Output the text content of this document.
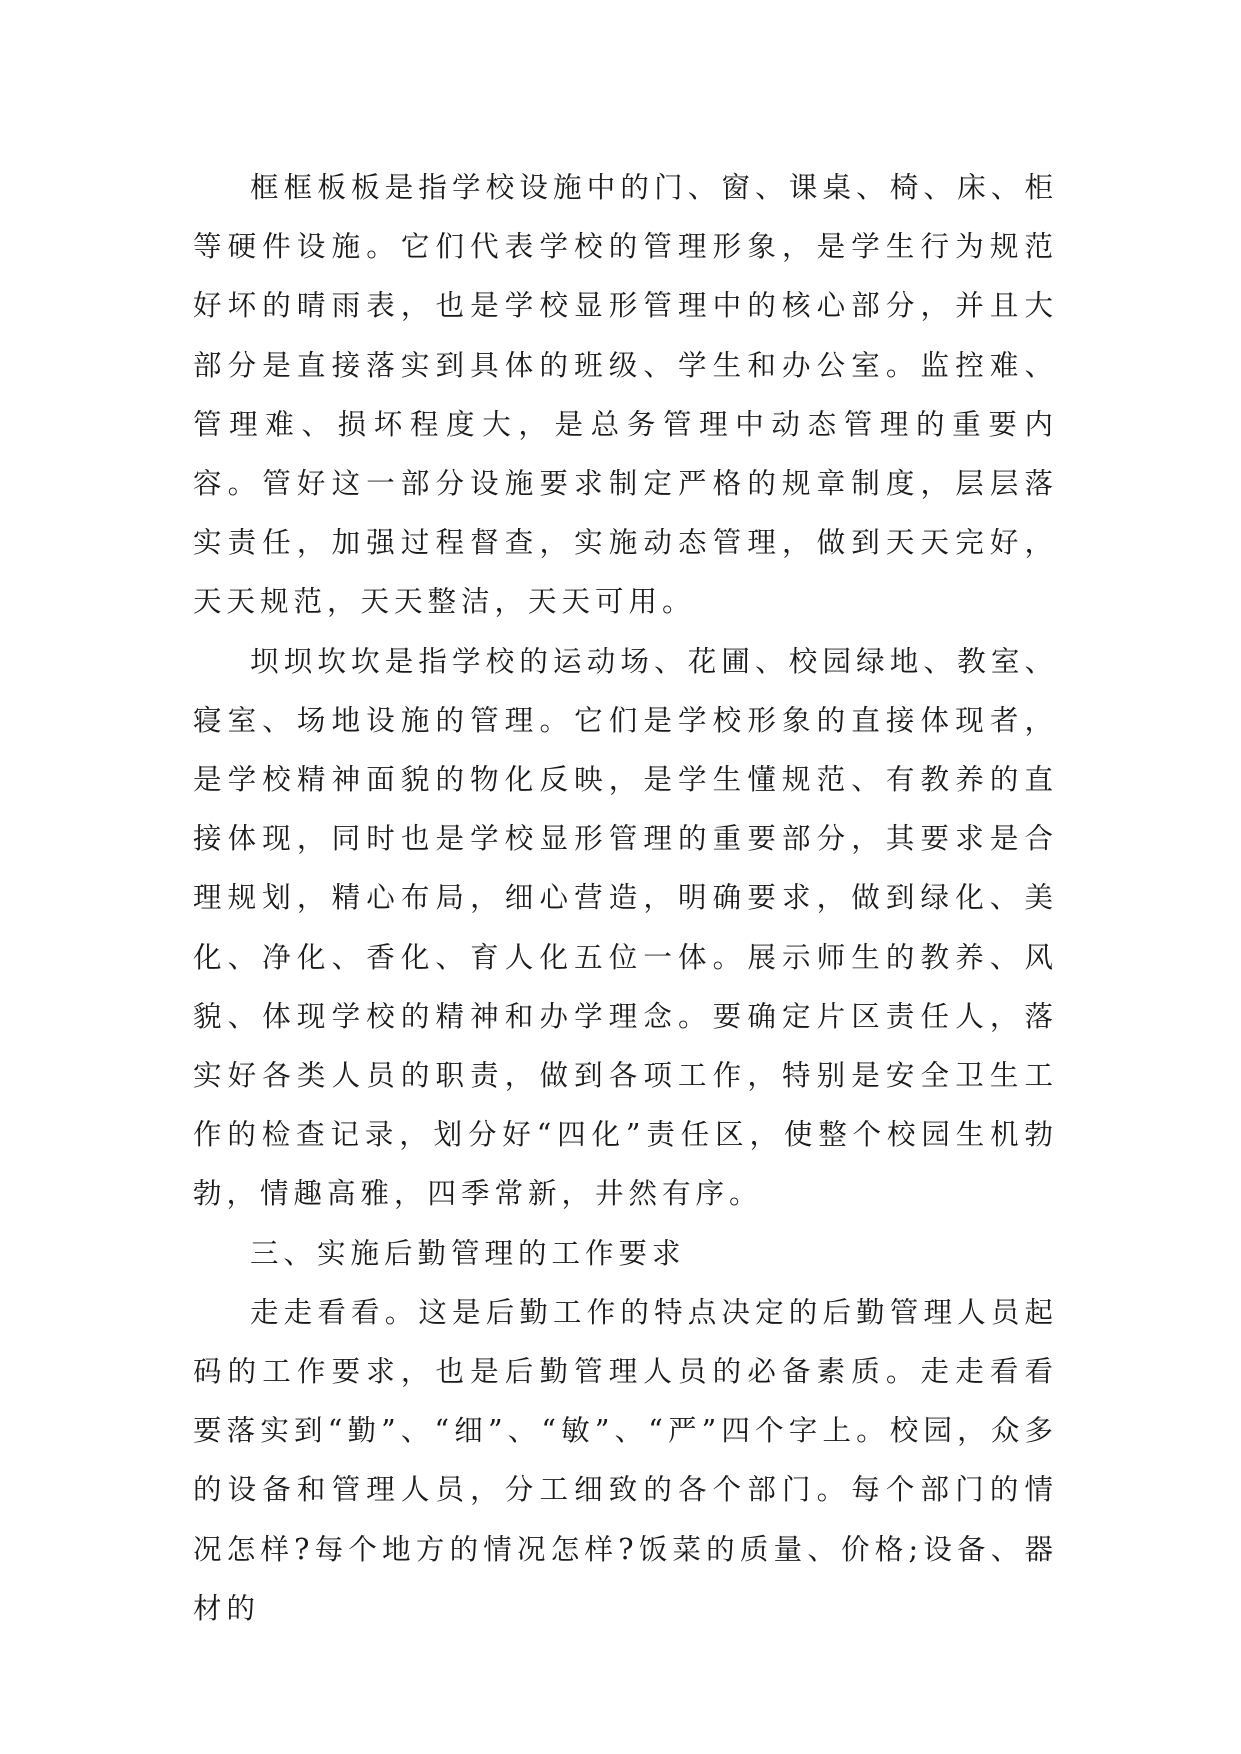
框框板板是指学校设施中的门、窗、课桌、椅、床、柜等硬件设施。它们代表学校的管理形象，是学生行为规范好坏的晴雨表，也是学校显形管理中的核心部分，并且大部分是直接落实到具体的班级、学生和办公室。监控难、管理难、损坏程度大，是总务管理中动态管理的重要内容。管好这一部分设施要求制定严格的规章制度，层层落实责任，加强过程督查，实施动态管理，做到天天完好，天天规范，天天整洁，天天可用。

坝坝坎坎是指学校的运动场、花圃、校园绿地、教室、寝室、场地设施的管理。它们是学校形象的直接体现者，是学校精神面貌的物化反映，是学生懂规范、有教养的直接体现，同时也是学校显形管理的重要部分，其要求是合理规划，精心布局，细心营造，明确要求，做到绿化、美化、净化、香化、育人化五位一体。展示师生的教养、风貌、体现学校的精神和办学理念。要确定片区责任人，落实好各类人员的职责，做到各项工作，特别是安全卫生工作的检查记录，划分好“四化”责任区，使整个校园生机勃勃，情趣高雅，四季常新，井然有序。

三、实施后勤管理的工作要求

走走看看。这是后勤工作的特点决定的后勤管理人员起码的工作要求，也是后勤管理人员的必备素质。走走看看要落实到“勤”、“细”、“敏”、“严”四个字上。校园，众多的设备和管理人员，分工细致的各个部门。每个部门的情况怎样?每个地方的情况怎样?饭菜的质量、价格;设备、器材的
